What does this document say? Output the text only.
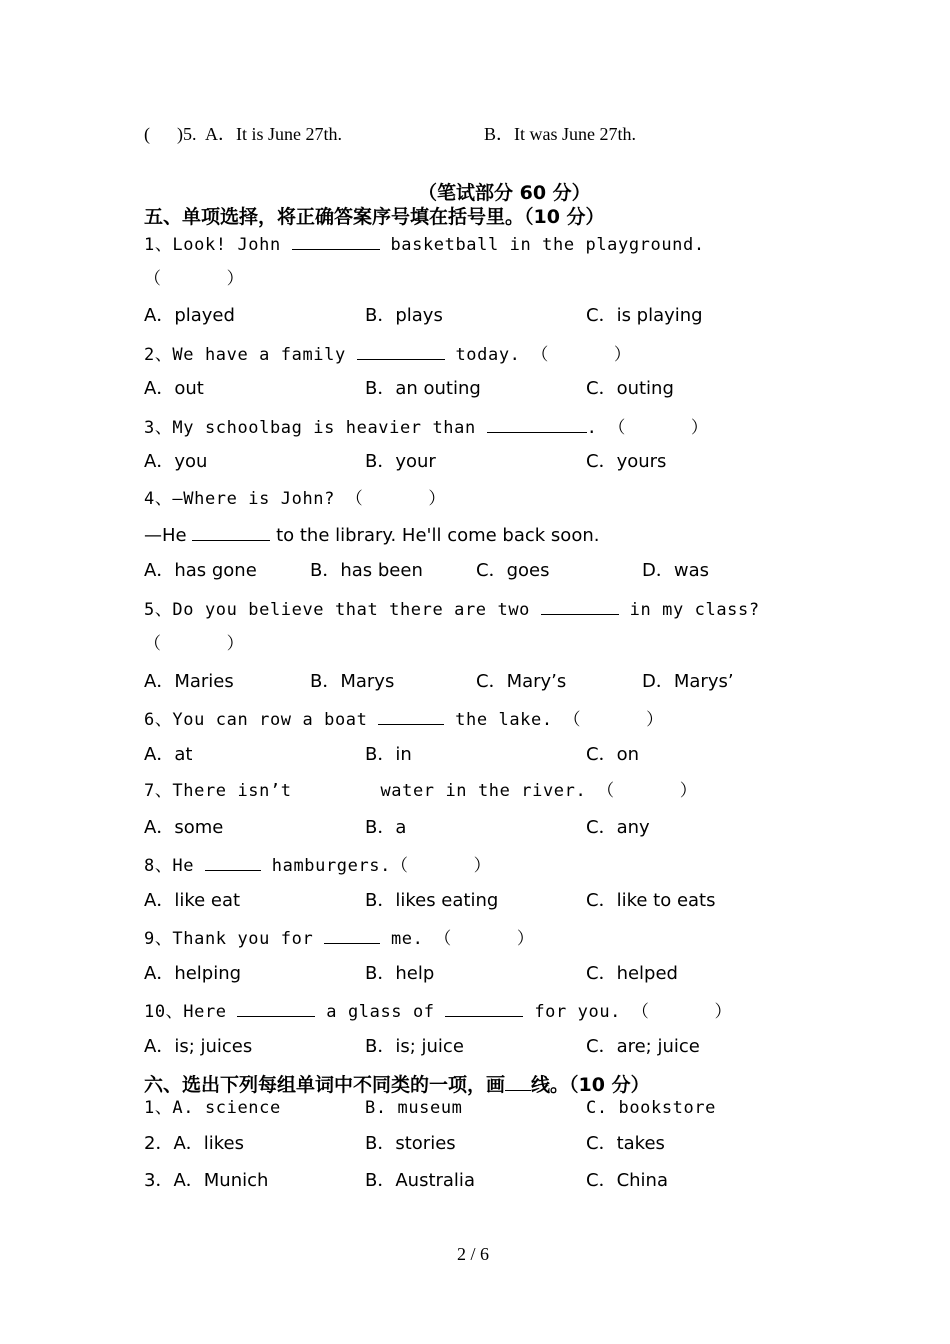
(      )5. A．It is June 27th.	B．It was June 27th.
（笔试部分 60 分）
五、单项选择，将正确答案序号填在括号里。（10 分）
1、Look! John	basketball in the playground.
（      ）
A．played	B．plays	C．is playing
2、We have a family	today. （      ）
A．out	B．an outing	C．outing
3、My schoolbag is heavier than	. （      ）
A．you	B．your	C．yours
4、—Where is John? （      ）
—He	to the library. He'll come back soon.
A．has gone	B．has been	C．goes	D．was
5、Do you believe that there are two	in my class?
（      ）
A．Maries	B．Marys	C．Mary’s	D．Marys’
6、You can row a boat	the lake. （      ）
A．at	B．in	C．on
7、There isn’t	water in the river. （      ）
A．some	B．a	C．any
8、He	hamburgers.（      ）
A．like eat	B．likes eating	C．like to eats
9、Thank you for	me. （      ）
A．helping	B．help	C．helped
10、Here	a glass of	for you. （      ）
A．is; juices	B．is; juice	C．are; juice
六、选出下列每组单词中不同类的一项，画 线。（10 分）
1、A. science	B. museum	C. bookstore
2．A．likes	B．stories	C．takes
3．A．Munich	B．Australia	C．China
2 / 6
